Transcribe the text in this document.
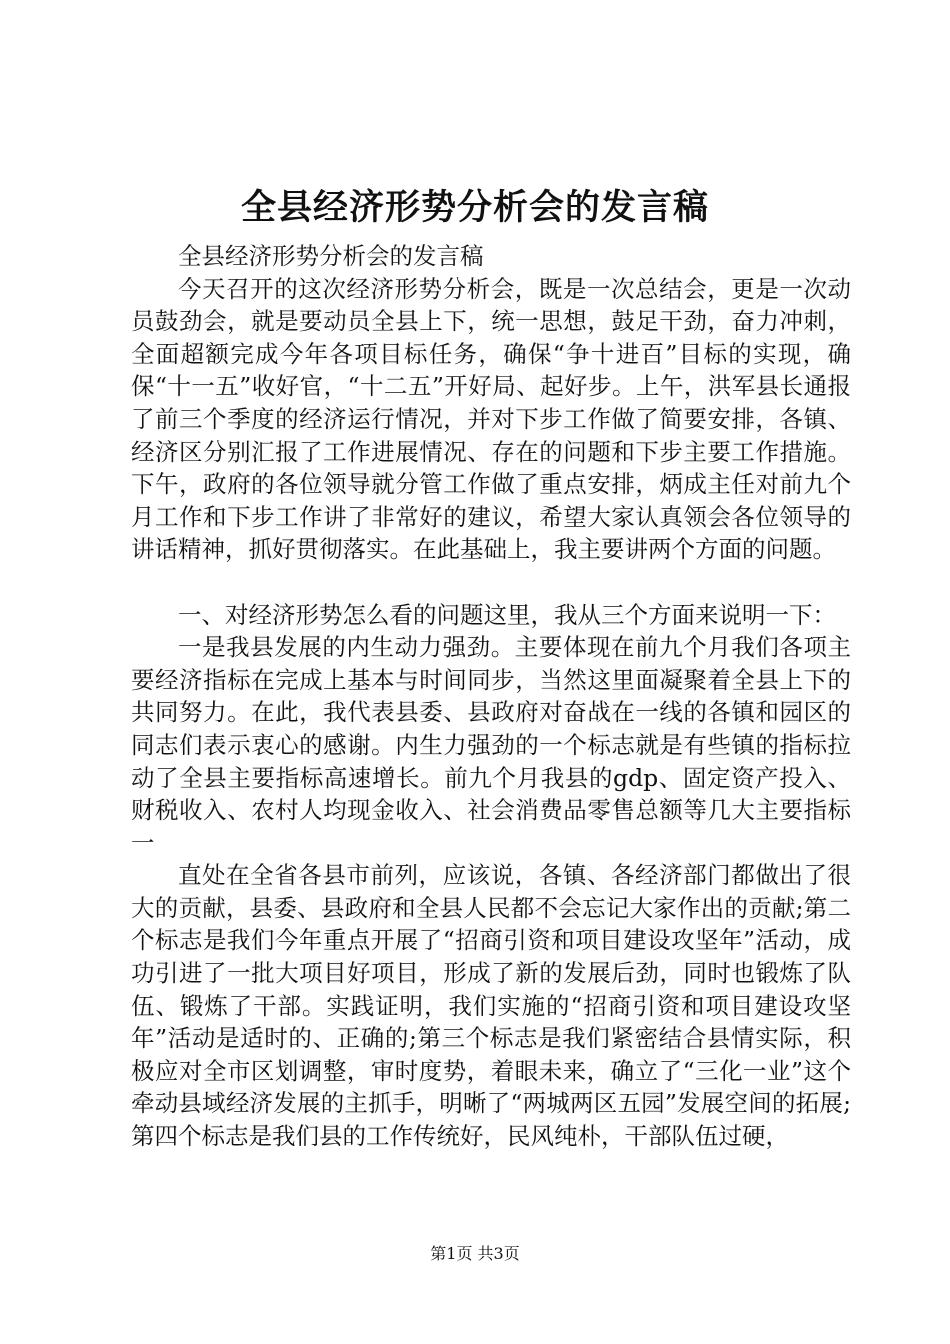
全县经济形势分析会的发言稿

全县经济形势分析会的发言稿

今天召开的这次经济形势分析会，既是一次总结会，更是一次动员鼓劲会，就是要动员全县上下，统一思想，鼓足干劲，奋力冲刺，全面超额完成今年各项目标任务，确保“争十进百”目标的实现，确保“十一五”收好官，“十二五”开好局、起好步。上午，洪军县长通报了前三个季度的经济运行情况，并对下步工作做了简要安排，各镇、经济区分别汇报了工作进展情况、存在的问题和下步主要工作措施。下午，政府的各位领导就分管工作做了重点安排，炳成主任对前九个月工作和下步工作讲了非常好的建议，希望大家认真领会各位领导的讲话精神，抓好贯彻落实。在此基础上，我主要讲两个方面的问题。

一、对经济形势怎么看的问题这里，我从三个方面来说明一下：

一是我县发展的内生动力强劲。主要体现在前九个月我们各项主要经济指标在完成上基本与时间同步，当然这里面凝聚着全县上下的共同努力。在此，我代表县委、县政府对奋战在一线的各镇和园区的同志们表示衷心的感谢。内生力强劲的一个标志就是有些镇的指标拉动了全县主要指标高速增长。前九个月我县的gdp、固定资产投入、财税收入、农村人均现金收入、社会消费品零售总额等几大主要指标一

直处在全省各县市前列，应该说，各镇、各经济部门都做出了很大的贡献，县委、县政府和全县人民都不会忘记大家作出的贡献;第二个标志是我们今年重点开展了“招商引资和项目建设攻坚年”活动，成功引进了一批大项目好项目，形成了新的发展后劲，同时也锻炼了队伍、锻炼了干部。实践证明，我们实施的“招商引资和项目建设攻坚年”活动是适时的、正确的;第三个标志是我们紧密结合县情实际，积极应对全市区划调整，审时度势，着眼未来，确立了“三化一业”这个牵动县域经济发展的主抓手，明晰了“两城两区五园”发展空间的拓展;第四个标志是我们县的工作传统好，民风纯朴，干部队伍过硬，

第1页 共3页
